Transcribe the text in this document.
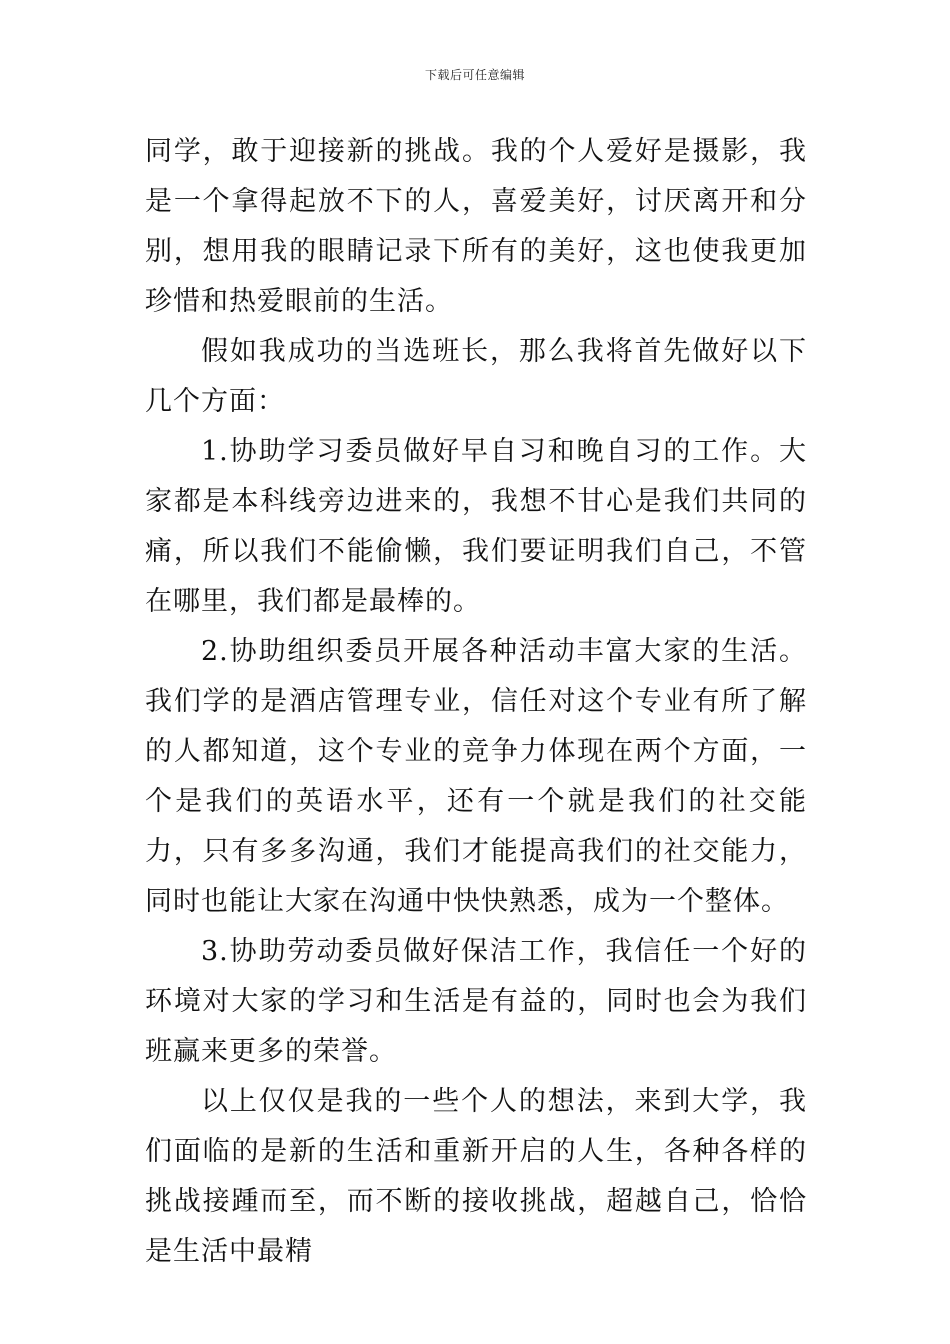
下载后可任意编辑

同学，敢于迎接新的挑战。我的个人爱好是摄影，我是一个拿得起放不下的人，喜爱美好，讨厌离开和分别，想用我的眼睛记录下所有的美好，这也使我更加珍惜和热爱眼前的生活。

假如我成功的当选班长，那么我将首先做好以下几个方面：

1.协助学习委员做好早自习和晚自习的工作。大家都是本科线旁边进来的，我想不甘心是我们共同的痛，所以我们不能偷懒，我们要证明我们自己，不管在哪里，我们都是最棒的。

2.协助组织委员开展各种活动丰富大家的生活。我们学的是酒店管理专业，信任对这个专业有所了解的人都知道，这个专业的竞争力体现在两个方面，一个是我们的英语水平，还有一个就是我们的社交能力，只有多多沟通，我们才能提高我们的社交能力，同时也能让大家在沟通中快快熟悉，成为一个整体。

3.协助劳动委员做好保洁工作，我信任一个好的环境对大家的学习和生活是有益的，同时也会为我们班赢来更多的荣誉。

以上仅仅是我的一些个人的想法，来到大学，我们面临的是新的生活和重新开启的人生，各种各样的挑战接踵而至，而不断的接收挑战，超越自己，恰恰是生活中最精
